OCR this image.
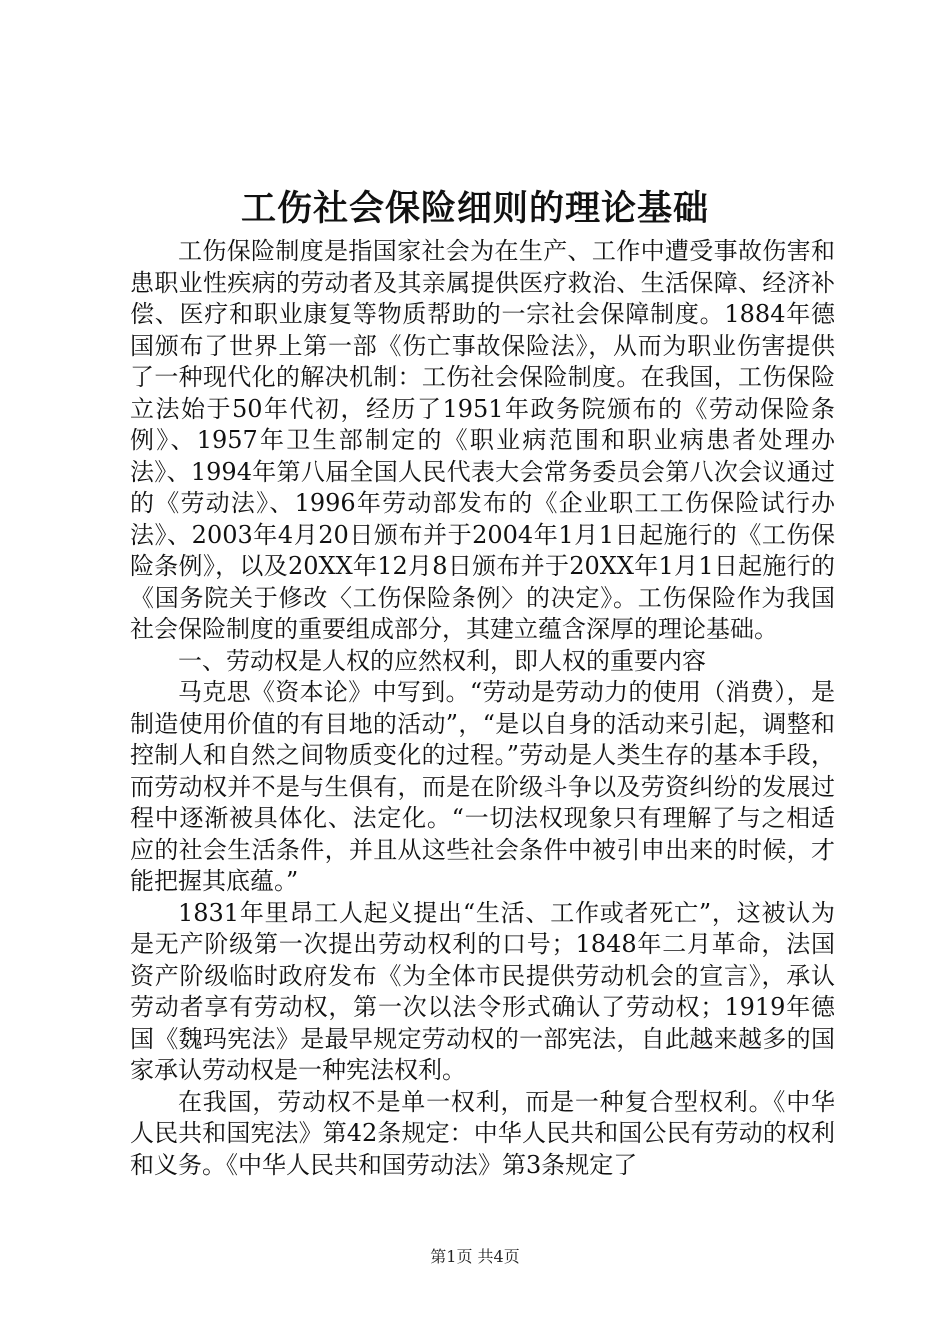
工伤社会保险细则的理论基础

工伤保险制度是指国家社会为在生产、工作中遭受事故伤害和患职业性疾病的劳动者及其亲属提供医疗救治、生活保障、经济补偿、医疗和职业康复等物质帮助的一宗社会保障制度。1884年德国颁布了世界上第一部《伤亡事故保险法》，从而为职业伤害提供了一种现代化的解决机制：工伤社会保险制度。在我国，工伤保险立法始于50年代初，经历了1951年政务院颁布的《劳动保险条例》、1957年卫生部制定的《职业病范围和职业病患者处理办法》、1994年第八届全国人民代表大会常务委员会第八次会议通过的《劳动法》、1996年劳动部发布的《企业职工工伤保险试行办法》、2003年4月20日颁布并于2004年1月1日起施行的《工伤保险条例》，以及20XX年12月8日颁布并于20XX年1月1日起施行的《国务院关于修改〈工伤保险条例〉的决定》。工伤保险作为我国社会保险制度的重要组成部分，其建立蕴含深厚的理论基础。

一、劳动权是人权的应然权利，即人权的重要内容

马克思《资本论》中写到。“劳动是劳动力的使用（消费），是制造使用价值的有目地的活动”，“是以自身的活动来引起，调整和控制人和自然之间物质变化的过程。”劳动是人类生存的基本手段，而劳动权并不是与生俱有，而是在阶级斗争以及劳资纠纷的发展过程中逐渐被具体化、法定化。“一切法权现象只有理解了与之相适应的社会生活条件，并且从这些社会条件中被引申出来的时候，才能把握其底蕴。”

1831年里昂工人起义提出“生活、工作或者死亡”，这被认为是无产阶级第一次提出劳动权利的口号；1848年二月革命，法国资产阶级临时政府发布《为全体市民提供劳动机会的宣言》，承认劳动者享有劳动权，第一次以法令形式确认了劳动权；1919年德国《魏玛宪法》是最早规定劳动权的一部宪法，自此越来越多的国家承认劳动权是一种宪法权利。

在我国，劳动权不是单一权利，而是一种复合型权利。《中华人民共和国宪法》第42条规定：中华人民共和国公民有劳动的权利和义务。《中华人民共和国劳动法》第3条规定了

第1页 共4页
